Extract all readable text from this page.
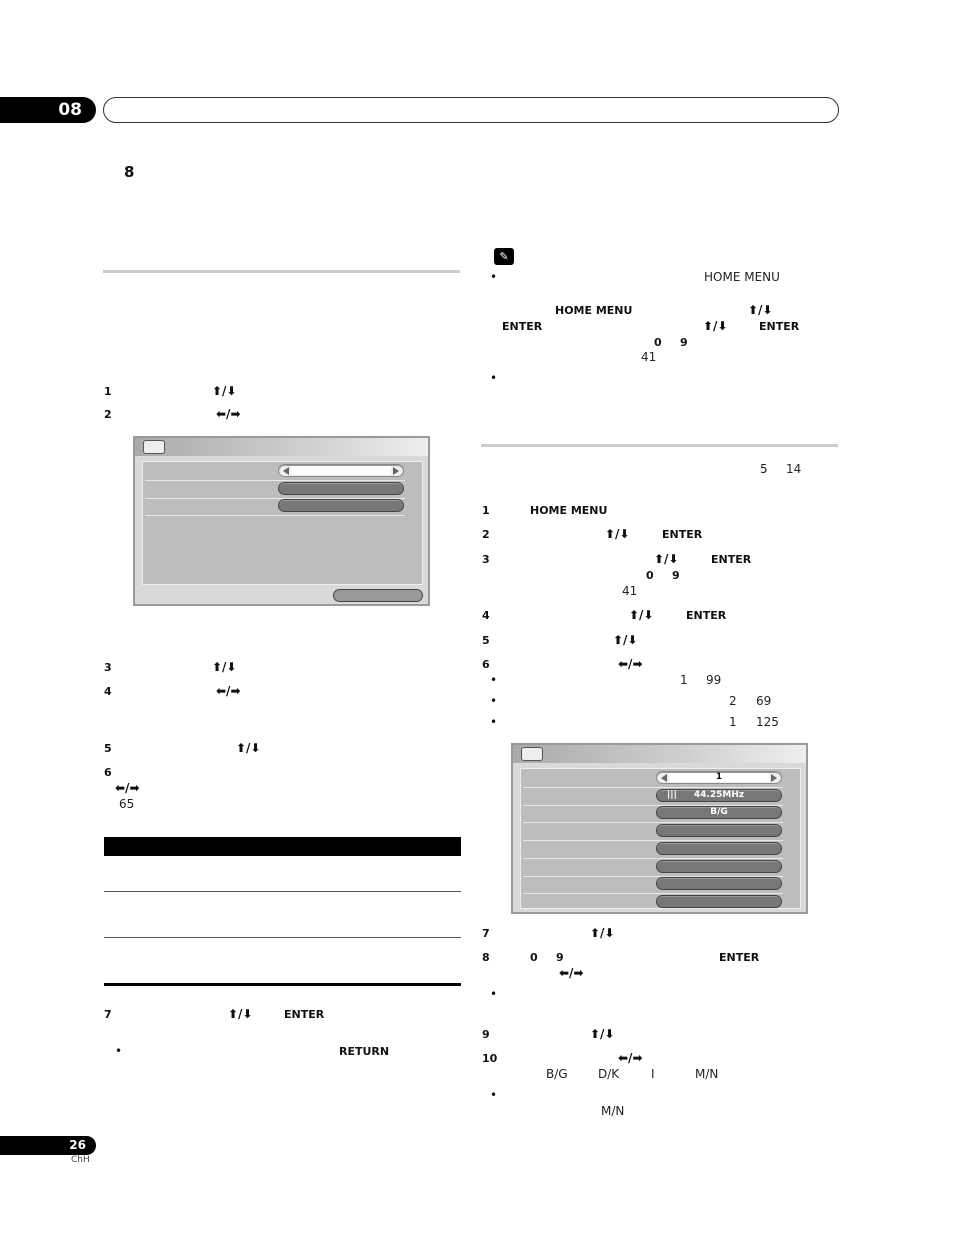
08
8
1	⬆/⬇
2	⬅/➡
3	⬆/⬇
4	⬅/➡
5	⬆/⬇
6
⬅/➡
65
7	⬆/⬇	ENTER
•	RETURN
✎
•	HOME MENU
HOME MENU	⬆/⬇
ENTER	⬆/⬇	ENTER
0 9
41
•
5 14
1	HOME MENU
2	⬆/⬇	ENTER
3	⬆/⬇	ENTER
0 9
41
4	⬆/⬇	ENTER
5	⬆/⬇
6	⬅/➡
•	1 99
•	2 69
•	1 125
1
||| 44.25MHz
B/G
7	⬆/⬇
8	0 9	ENTER
⬅/➡
•
9	⬆/⬇
10	⬅/➡
B/G	D/K	I	M/N
•
M/N
26
ChH
